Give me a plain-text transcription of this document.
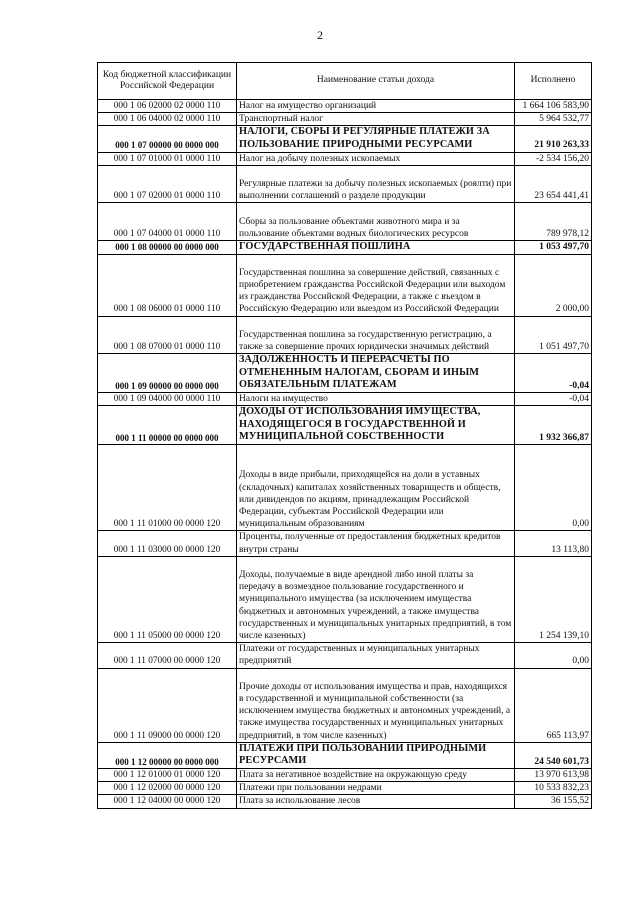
2
Код бюджетной классификации Российской Федерации	Наименование статьи дохода	Исполнено
000 1 06 02000 02 0000 110	Налог на имущество организаций	1 664 106 583,90
000 1 06 04000 02 0000 110	Транспортный налог	5 964 532,77
000 1 07 00000 00 0000 000	НАЛОГИ, СБОРЫ И РЕГУЛЯРНЫЕ ПЛАТЕЖИ ЗА ПОЛЬЗОВАНИЕ ПРИРОДНЫМИ РЕСУРСАМИ	21 910 263,33
000 1 07 01000 01 0000 110	Налог на добычу полезных ископаемых	-2 534 156,20
000 1 07 02000 01 0000 110	Регулярные платежи за добычу полезных ископаемых (роялти) при выполнении соглашений о разделе продукции	23 654 441,41
000 1 07 04000 01 0000 110	Сборы за пользование объектами животного мира и за пользование объектами водных биологических ресурсов	789 978,12
000 1 08 00000 00 0000 000	ГОСУДАРСТВЕННАЯ ПОШЛИНА	1 053 497,70
000 1 08 06000 01 0000 110	Государственная пошлина за совершение действий, связанных с приобретением гражданства Российской Федерации или выходом из гражданства Российской Федерации, а также с въездом в Российскую Федерацию или выездом из Российской Федерации	2 000,00
000 1 08 07000 01 0000 110	Государственная пошлина за государственную регистрацию, а также за совершение прочих юридически значимых действий	1 051 497,70
000 1 09 00000 00 0000 000	ЗАДОЛЖЕННОСТЬ И ПЕРЕРАСЧЕТЫ ПО ОТМЕНЕННЫМ НАЛОГАМ, СБОРАМ И ИНЫМ ОБЯЗАТЕЛЬНЫМ ПЛАТЕЖАМ	-0,04
000 1 09 04000 00 0000 110	Налоги на имущество	-0,04
000 1 11 00000 00 0000 000	ДОХОДЫ ОТ ИСПОЛЬЗОВАНИЯ ИМУЩЕСТВА, НАХОДЯЩЕГОСЯ В ГОСУДАРСТВЕННОЙ И МУНИЦИПАЛЬНОЙ СОБСТВЕННОСТИ	1 932 366,87
000 1 11 01000 00 0000 120	Доходы в виде прибыли, приходящейся на доли в уставных (складочных) капиталах хозяйственных товариществ и обществ, или дивидендов по акциям, принадлежащим Российской Федерации, субъектам Российской Федерации или муниципальным образованиям	0,00
000 1 11 03000 00 0000 120	Проценты, полученные от предоставления бюджетных кредитов внутри страны	13 113,80
000 1 11 05000 00 0000 120	Доходы, получаемые в виде арендной либо иной платы за передачу в возмездное пользование государственного и муниципального имущества (за исключением имущества бюджетных и автономных учреждений, а также имущества государственных и муниципальных унитарных предприятий, в том числе казенных)	1 254 139,10
000 1 11 07000 00 0000 120	Платежи от государственных и муниципальных унитарных предприятий	0,00
000 1 11 09000 00 0000 120	Прочие доходы от использования имущества и прав, находящихся в государственной и муниципальной собственности (за исключением имущества бюджетных и автономных учреждений, а также имущества государственных и муниципальных унитарных предприятий, в том числе казенных)	665 113,97
000 1 12 00000 00 0000 000	ПЛАТЕЖИ ПРИ ПОЛЬЗОВАНИИ ПРИРОДНЫМИ РЕСУРСАМИ	24 540 601,73
000 1 12 01000 01 0000 120	Плата за негативное воздействие на окружающую среду	13 970 613,98
000 1 12 02000 00 0000 120	Платежи при пользовании недрами	10 533 832,23
000 1 12 04000 00 0000 120	Плата за использование лесов	36 155,52
